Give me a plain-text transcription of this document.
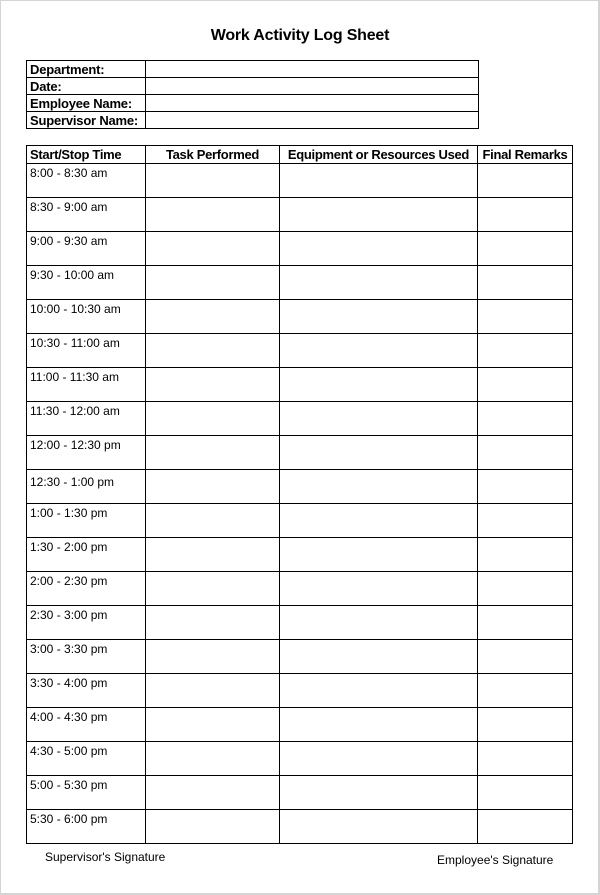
Work Activity Log Sheet
Department:	
Date:	
Employee Name:	
Supervisor Name:	
Start/Stop Time	Task Performed	Equipment or Resources Used	Final Remarks
8:00 - 8:30 am			
8:30 - 9:00 am			
9:00 - 9:30 am			
9:30 - 10:00 am			
10:00 - 10:30 am			
10:30 - 11:00 am			
11:00 - 11:30 am			
11:30 - 12:00 am			
12:00 - 12:30 pm			
12:30 - 1:00 pm			
1:00 - 1:30 pm			
1:30 - 2:00 pm			
2:00 - 2:30 pm			
2:30 - 3:00 pm			
3:00 - 3:30 pm			
3:30 - 4:00 pm			
4:00 - 4:30 pm			
4:30 - 5:00 pm			
5:00 - 5:30 pm			
5:30 - 6:00 pm			
Supervisor's Signature	Employee's Signature
